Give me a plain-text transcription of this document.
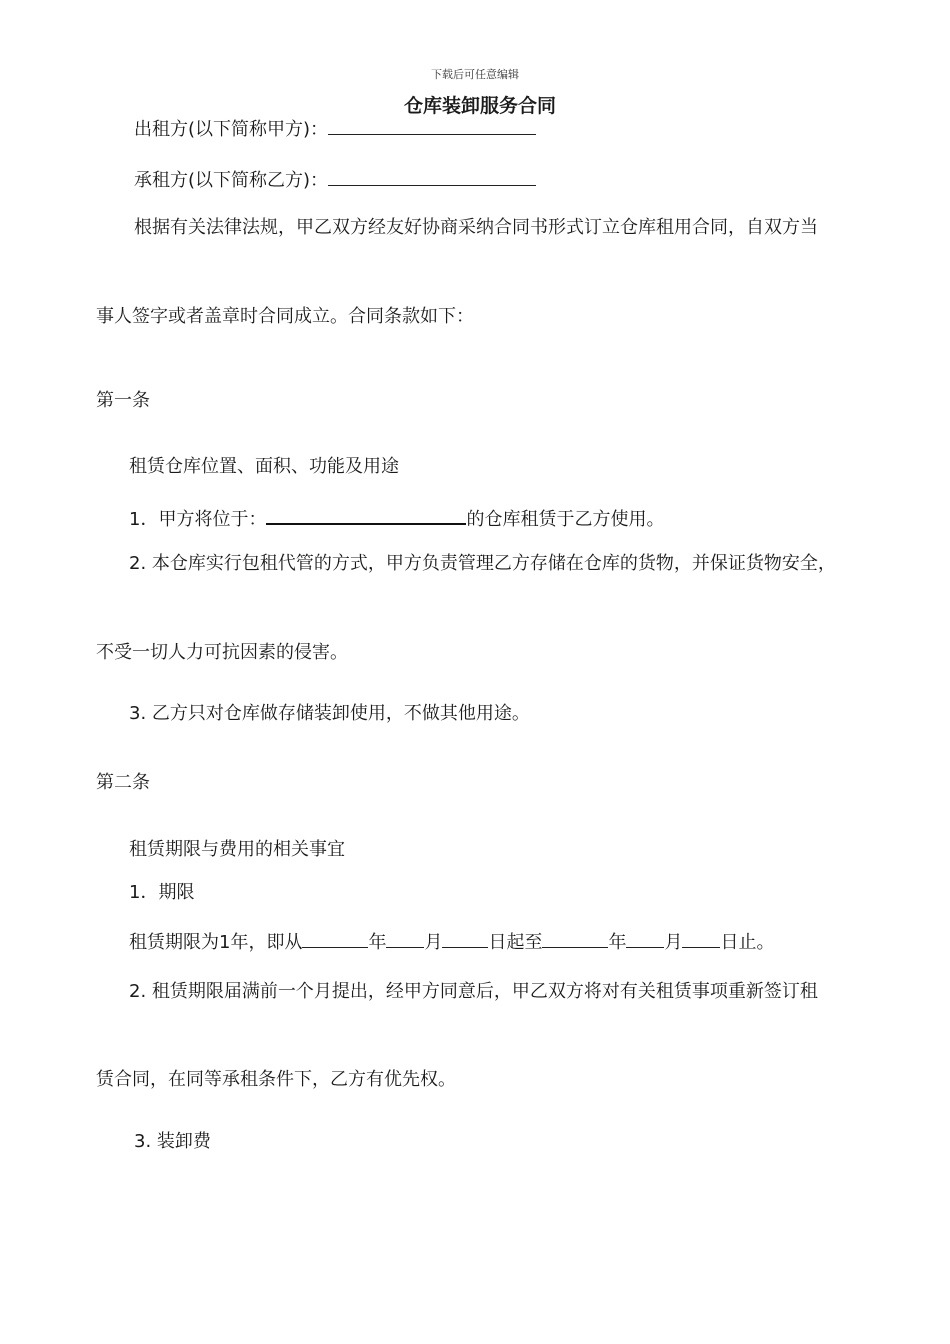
下载后可任意编辑
仓库装卸服务合同
出租方(以下简称甲方)：
承租方(以下简称乙方)：
根据有关法律法规，甲乙双方经友好协商采纳合同书形式订立仓库租用合同，自双方当
事人签字或者盖章时合同成立。合同条款如下：
第一条
租赁仓库位置、面积、功能及用途
1．甲方将位于：	的仓库租赁于乙方使用。
2. 本仓库实行包租代管的方式，甲方负责管理乙方存储在仓库的货物，并保证货物安全，
不受一切人力可抗因素的侵害。
3. 乙方只对仓库做存储装卸使用，不做其他用途。
第二条
租赁期限与费用的相关事宜
1．期限
租赁期限为1年，即从	年 月	日起至	年 月 日止。
2. 租赁期限届满前一个月提出，经甲方同意后，甲乙双方将对有关租赁事项重新签订租
赁合同，在同等承租条件下，乙方有优先权。
3. 装卸费
